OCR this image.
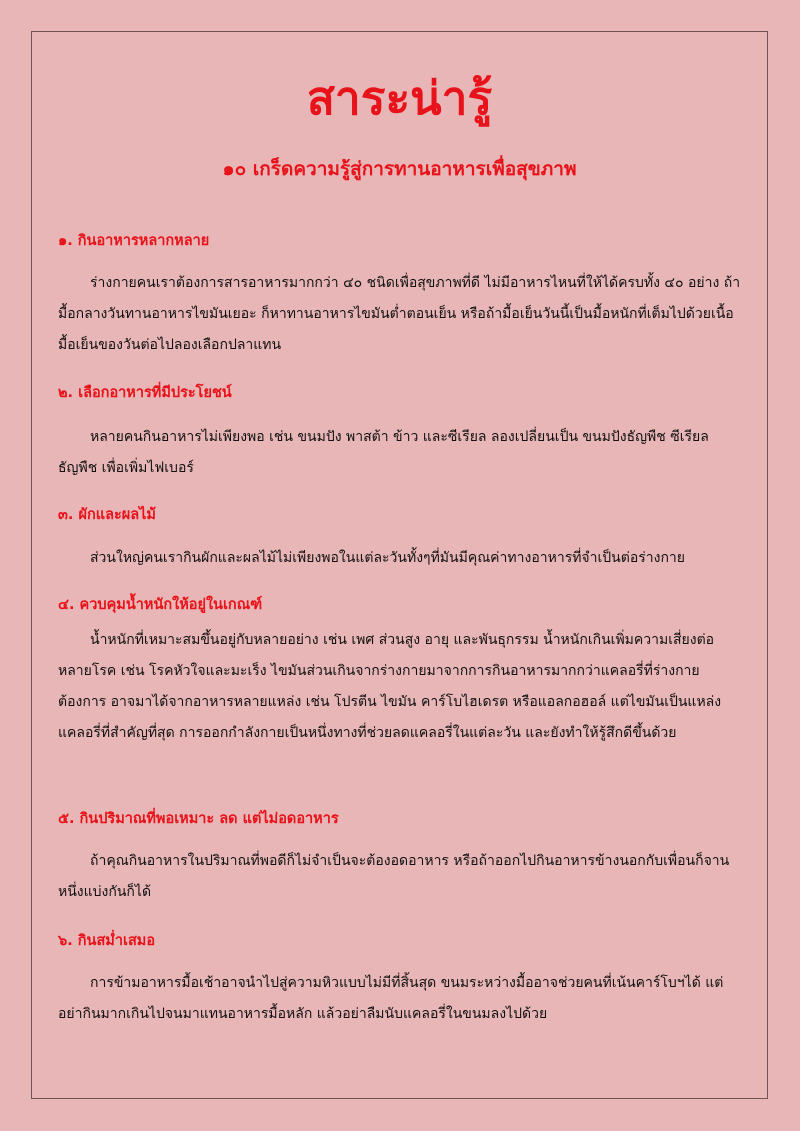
สาระน่ารู้
๑๐ เกร็ดความรู้สู่การทานอาหารเพื่อสุขภาพ
๑. กินอาหารหลากหลาย

ร่างกายคนเราต้องการสารอาหารมากกว่า ๔๐ ชนิดเพื่อสุขภาพที่ดี ไม่มีอาหารไหนที่ให้ได้ครบทั้ง ๔๐ อย่าง ถ้ามื้อกลางวันทานอาหารไขมันเยอะ ก็หาทานอาหารไขมันต่ำตอนเย็น หรือถ้ามื้อเย็นวันนี้เป็นมื้อหนักที่เต็มไปด้วยเนื้อ มื้อเย็นของวันต่อไปลองเลือกปลาแทน

๒. เลือกอาหารที่มีประโยชน์

หลายคนกินอาหารไม่เพียงพอ เช่น ขนมปัง พาสต้า ข้าว และซีเรียล ลองเปลี่ยนเป็น ขนมปังธัญพืช ซีเรียล ธัญพืช เพื่อเพิ่มไฟเบอร์

๓. ผักและผลไม้

ส่วนใหญ่คนเรากินผักและผลไม้ไม่เพียงพอในแต่ละวันทั้งๆที่มันมีคุณค่าทางอาหารที่จำเป็นต่อร่างกาย

๔. ควบคุมน้ำหนักให้อยู่ในเกณฑ์

น้ำหนักที่เหมาะสมขึ้นอยู่กับหลายอย่าง เช่น เพศ ส่วนสูง อายุ และพันธุกรรม น้ำหนักเกินเพิ่มความเสี่ยงต่อหลายโรค เช่น โรคหัวใจและมะเร็ง ไขมันส่วนเกินจากร่างกายมาจากการกินอาหารมากกว่าแคลอรี่ที่ร่างกายต้องการ อาจมาได้จากอาหารหลายแหล่ง เช่น โปรตีน ไขมัน คาร์โบไฮเดรต หรือแอลกอฮอล์ แต่ไขมันเป็นแหล่งแคลอรี่ที่สำคัญที่สุด การออกกำลังกายเป็นหนึ่งทางที่ช่วยลดแคลอรี่ในแต่ละวัน และยังทำให้รู้สึกดีขึ้นด้วย

๕. กินปริมาณที่พอเหมาะ ลด แต่ไม่อดอาหาร

ถ้าคุณกินอาหารในปริมาณที่พอดีก็ไม่จำเป็นจะต้องอดอาหาร หรือถ้าออกไปกินอาหารข้างนอกกับเพื่อนก็จานหนึ่งแบ่งกันก็ได้

๖. กินสม่ำเสมอ

การข้ามอาหารมื้อเช้าอาจนำไปสู่ความหิวแบบไม่มีที่สิ้นสุด ขนมระหว่างมื้ออาจช่วยคนที่เน้นคาร์โบฯได้ แต่อย่ากินมากเกินไปจนมาแทนอาหารมื้อหลัก แล้วอย่าลืมนับแคลอรี่ในขนมลงไปด้วย
